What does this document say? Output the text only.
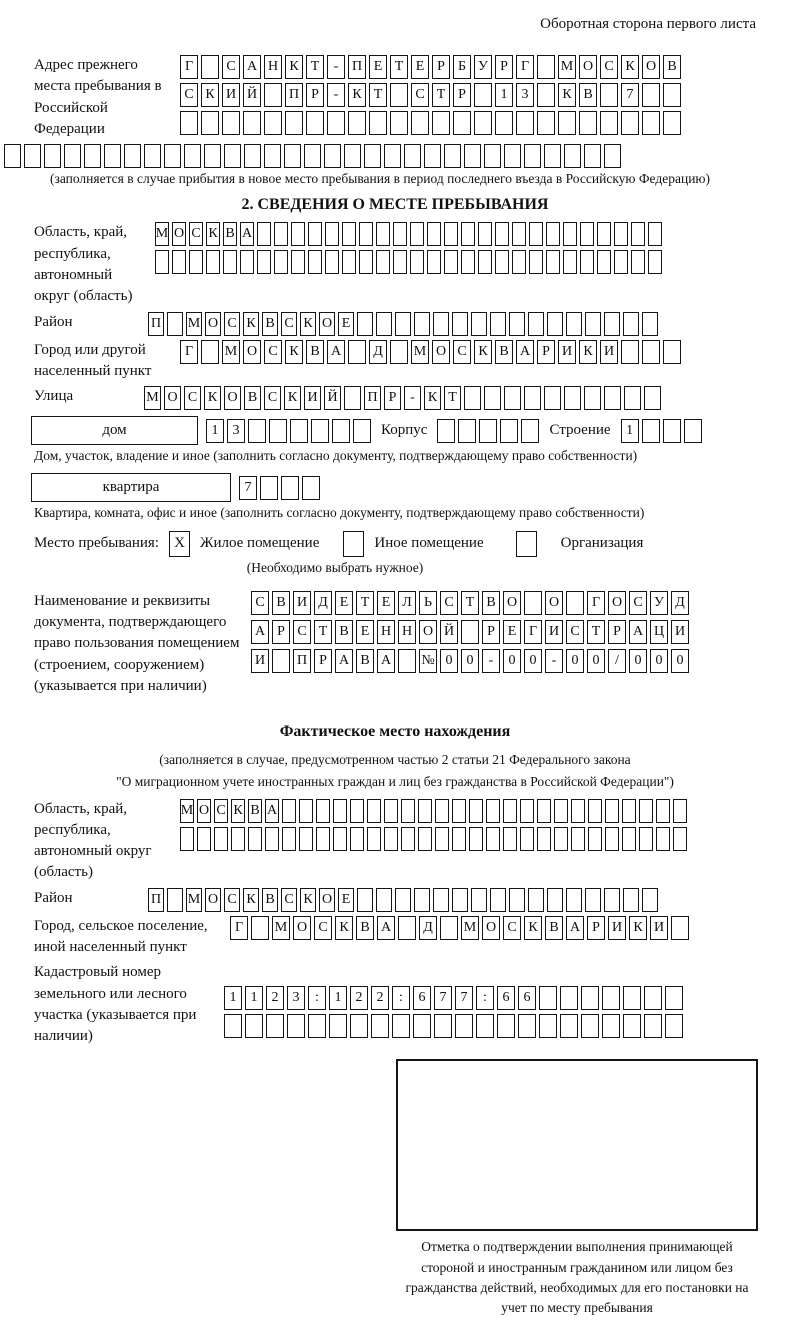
Оборотная сторона первого листа
Адрес прежнего места пребывания в Российской Федерации
Г	С А Н К Т	- П Е Т Е Р Б У Р Г	М О С К О В
С К И Й П Р	-	К Т	С Т Р	1	3	К В	7
(заполняется в случае прибытия в новое место пребывания в период последнего въезда в Российскую Федерацию)
2. СВЕДЕНИЯ О МЕСТЕ ПРЕБЫВАНИЯ
Область, край, республика, автономный округ (область)
М О С К В А
Район	П М О С К В С К О Е
Город или другой населенный пункт
Г	М О С К В А	Д	М О С К В А Р И К И
Улица	М О С К О В С К И Й П Р - К Т
дом	1	3	Корпус	Строение	1
Дом, участок, владение и иное (заполнить согласно документу, подтверждающему право собственности)
квартира	7
Квартира, комната, офис и иное (заполнить согласно документу, подтверждающему право собственности)
Место пребывания:	X	Жилое помещение	Иное помещение	Организация
(Необходимо выбрать нужное)
Наименование и реквизиты документа, подтверждающего право пользования помещением (строением, сооружением) (указывается при наличии)
С В И Д Е Т Е Л Ь С Т В О О	Г О С У Д
А Р С Т В Е Н Н О Й	Р Е Г И С Т Р А Ц И
И П Р А В А № 0	0	-	0	0	-	0	0	/	0	0	0
Фактическое место нахождения
(заполняется в случае, предусмотренном частью 2 статьи 21 Федерального закона
"О миграционном учете иностранных граждан и лиц без гражданства в Российской Федерации")
Область, край, республика, автономный округ (область)
М О С К В А
Район	П М О С К В С К О Е
Город, сельское поселение, иной населенный пункт
Г	М О С К В А	Д	М О С К В А Р И К И
Кадастровый номер земельного или лесного участка (указывается при наличии)
1	1	2	3	:	1	2	2	:	6	7	7	:	6	6
Отметка о подтверждении выполнения принимающей стороной и иностранным гражданином или лицом без гражданства действий, необходимых для его постановки на учет по месту пребывания
